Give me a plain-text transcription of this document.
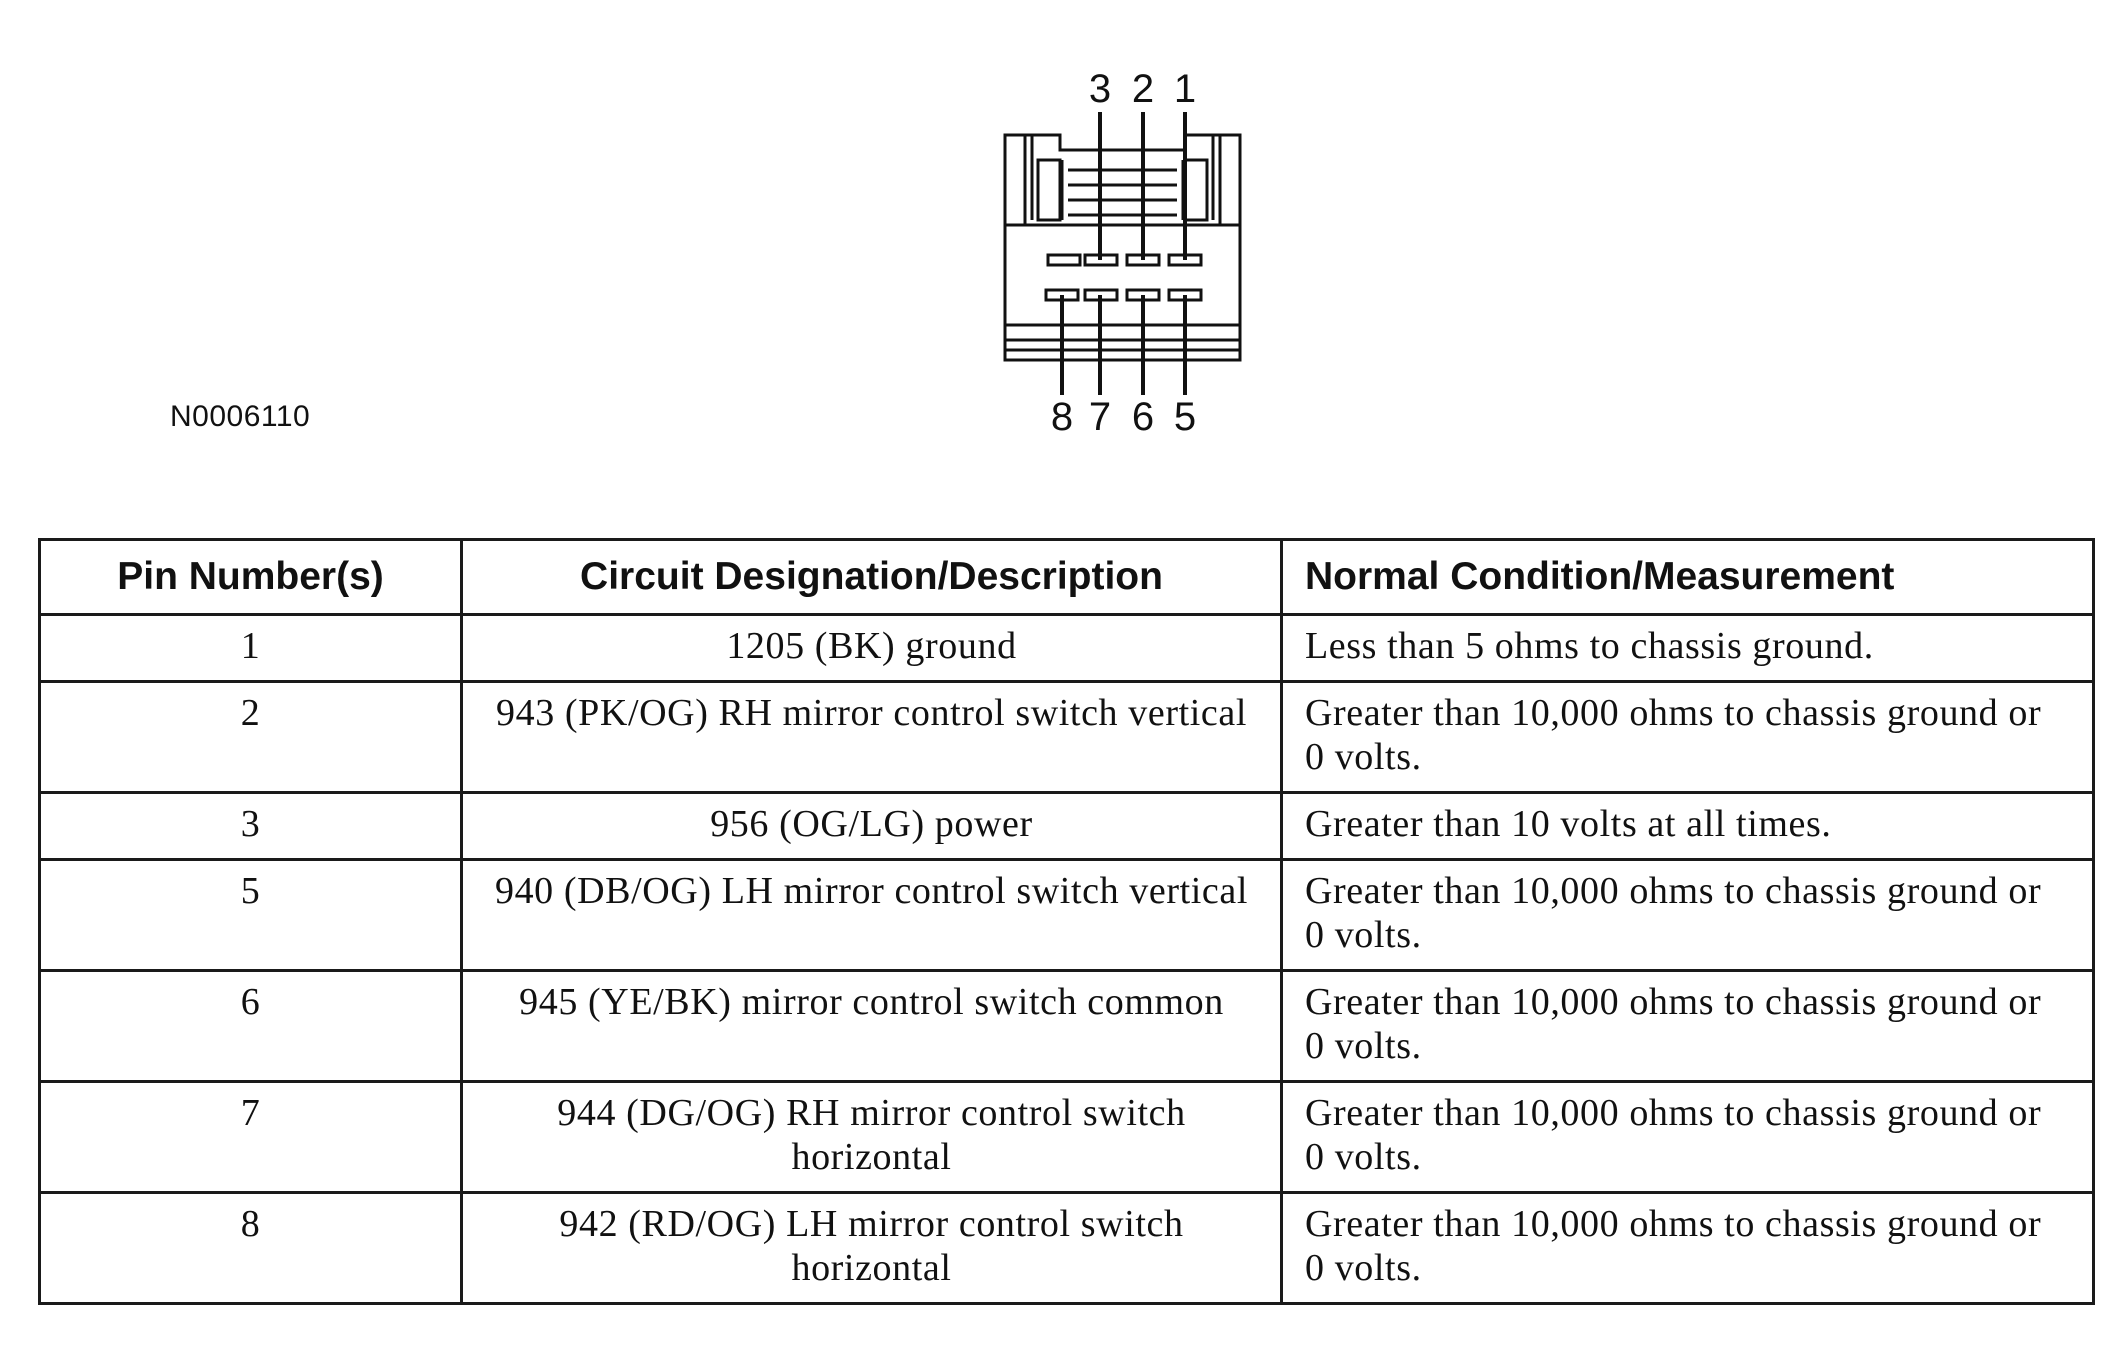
N0006110
3 2 1
8 7 6 5
Pin Number(s)	Circuit Designation/Description	Normal Condition/Measurement
1	1205 (BK) ground	Less than 5 ohms to chassis ground.
2	943 (PK/OG) RH mirror control switch vertical	Greater than 10,000 ohms to chassis ground or 0 volts.
3	956 (OG/LG) power	Greater than 10 volts at all times.
5	940 (DB/OG) LH mirror control switch vertical	Greater than 10,000 ohms to chassis ground or 0 volts.
6	945 (YE/BK) mirror control switch common	Greater than 10,000 ohms to chassis ground or 0 volts.
7	944 (DG/OG) RH mirror control switch horizontal	Greater than 10,000 ohms to chassis ground or 0 volts.
8	942 (RD/OG) LH mirror control switch horizontal	Greater than 10,000 ohms to chassis ground or 0 volts.
